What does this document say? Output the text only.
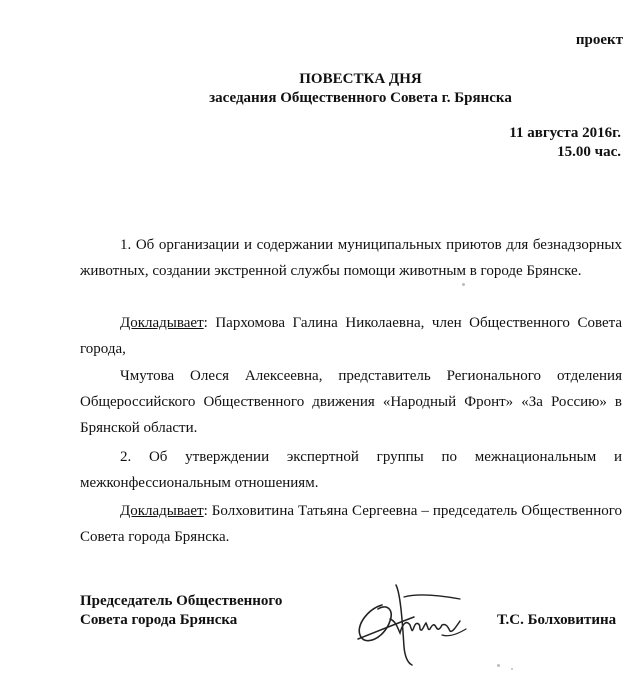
проект
ПОВЕСТКА ДНЯ
заседания Общественного Совета г. Брянска
11 августа 2016г.
15.00 час.

1. Об организации и содержании муниципальных приютов для безнадзорных животных, создании экстренной службы помощи животным в городе Брянске.

Докладывает: Пархомова Галина Николаевна, член Общественного Совета города,

Чмутова Олеся Алексеевна, представитель Регионального отделения Общероссийского Общественного движения «Народный Фронт» «За Россию» в Брянской области.

2. Об утверждении экспертной группы по межнациональным и межконфессиональным отношениям.

Докладывает: Болховитина Татьяна Сергеевна – председатель Общественного Совета города Брянска.

Председатель Общественного
Совета города Брянска	Т.С. Болховитина
